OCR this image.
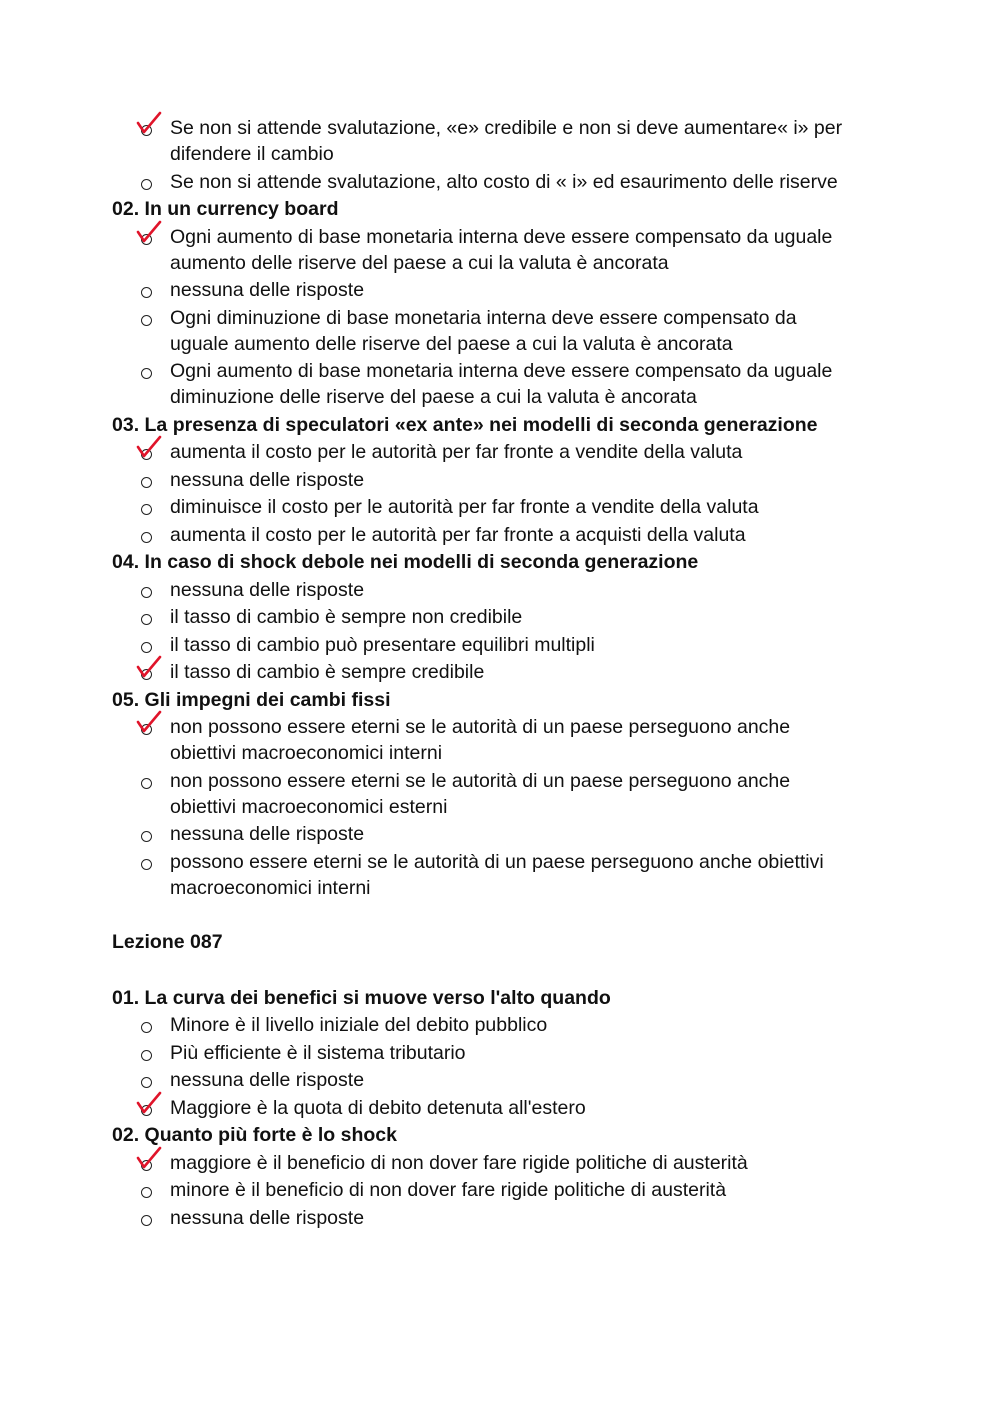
Se non si attende svalutazione, «e» credibile e non si deve aumentare« i» per
difendere il cambio
Se non si attende svalutazione, alto costo di « i» ed esaurimento delle riserve
02. In un currency board
Ogni aumento di base monetaria interna deve essere compensato da uguale
aumento delle riserve del paese a cui la valuta è ancorata
nessuna delle risposte
Ogni diminuzione di base monetaria interna deve essere compensato da
uguale aumento delle riserve del paese a cui la valuta è ancorata
Ogni aumento di base monetaria interna deve essere compensato da uguale
diminuzione delle riserve del paese a cui la valuta è ancorata
03. La presenza di speculatori «ex ante» nei modelli di seconda generazione
aumenta il costo per le autorità per far fronte a vendite della valuta
nessuna delle risposte
diminuisce il costo per le autorità per far fronte a vendite della valuta
aumenta il costo per le autorità per far fronte a acquisti della valuta
04. In caso di shock debole nei modelli di seconda generazione
nessuna delle risposte
il tasso di cambio è sempre non credibile
il tasso di cambio può presentare equilibri multipli
il tasso di cambio è sempre credibile
05. Gli impegni dei cambi fissi
non possono essere eterni se le autorità di un paese perseguono anche
obiettivi macroeconomici interni
non possono essere eterni se le autorità di un paese perseguono anche
obiettivi macroeconomici esterni
nessuna delle risposte
possono essere eterni se le autorità di un paese perseguono anche obiettivi
macroeconomici interni
Lezione 087
01. La curva dei benefici si muove verso l'alto quando
Minore è il livello iniziale del debito pubblico
Più efficiente è il sistema tributario
nessuna delle risposte
Maggiore è la quota di debito detenuta all'estero
02. Quanto più forte è lo shock
maggiore è il beneficio di non dover fare rigide politiche di austerità
minore è il beneficio di non dover fare rigide politiche di austerità
nessuna delle risposte
